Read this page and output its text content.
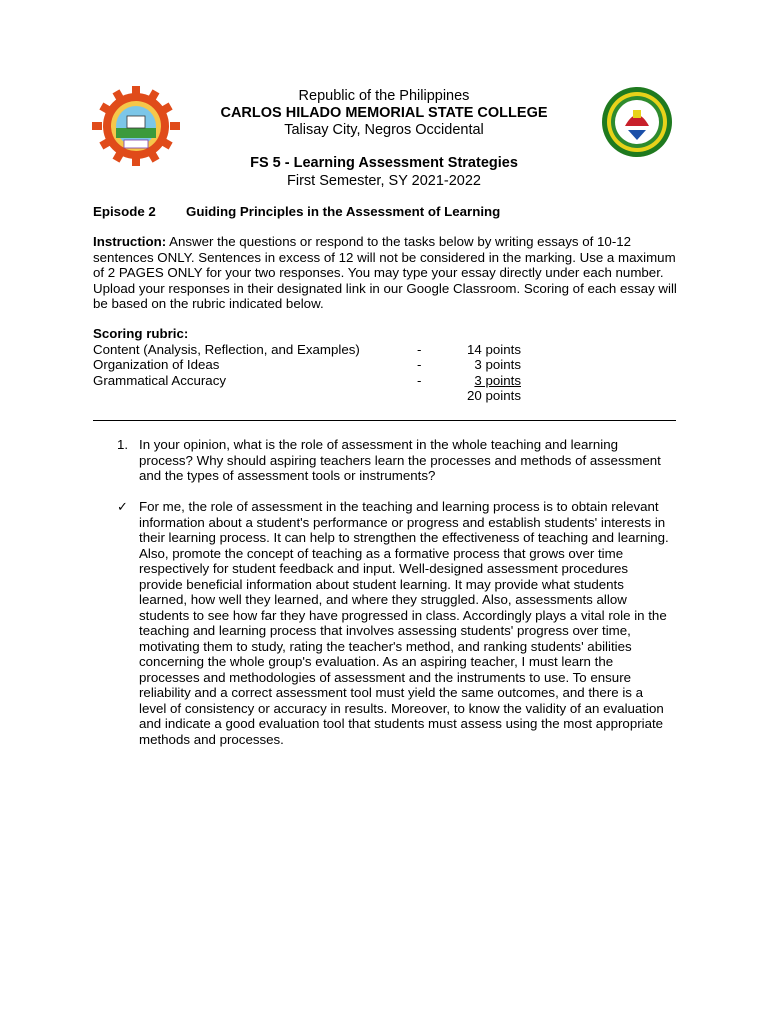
Republic of the Philippines
CARLOS HILADO MEMORIAL STATE COLLEGE
Talisay City, Negros Occidental
FS 5 - Learning Assessment Strategies
First Semester, SY 2021-2022
Episode 2 Guiding Principles in the Assessment of Learning
Instruction: Answer the questions or respond to the tasks below by writing essays of 10-12 sentences ONLY. Sentences in excess of 12 will not be considered in the marking. Use a maximum of 2 PAGES ONLY for your two responses. You may type your essay directly under each number. Upload your responses in their designated link in our Google Classroom. Scoring of each essay will be based on the rubric indicated below.
Scoring rubric:
Content (Analysis, Reflection, and Examples)	-	14 points
Organization of Ideas	-	3 points
Grammatical Accuracy	-	3 points
20 points
1. In your opinion, what is the role of assessment in the whole teaching and learning process? Why should aspiring teachers learn the processes and methods of assessment and the types of assessment tools or instruments?
✓ For me, the role of assessment in the teaching and learning process is to obtain relevant information about a student's performance or progress and establish students' interests in their learning process. It can help to strengthen the effectiveness of teaching and learning. Also, promote the concept of teaching as a formative process that grows over time respectively for student feedback and input. Well-designed assessment procedures provide beneficial information about student learning. It may provide what students learned, how well they learned, and where they struggled. Also, assessments allow students to see how far they have progressed in class. Accordingly plays a vital role in the teaching and learning process that involves assessing students' progress over time, motivating them to study, rating the teacher's method, and ranking students' abilities concerning the whole group's evaluation. As an aspiring teacher, I must learn the processes and methodologies of assessment and the instruments to use. To ensure reliability and a correct assessment tool must yield the same outcomes, and there is a level of consistency or accuracy in results. Moreover, to know the validity of an evaluation and indicate a good evaluation tool that students must assess using the most appropriate methods and processes.
